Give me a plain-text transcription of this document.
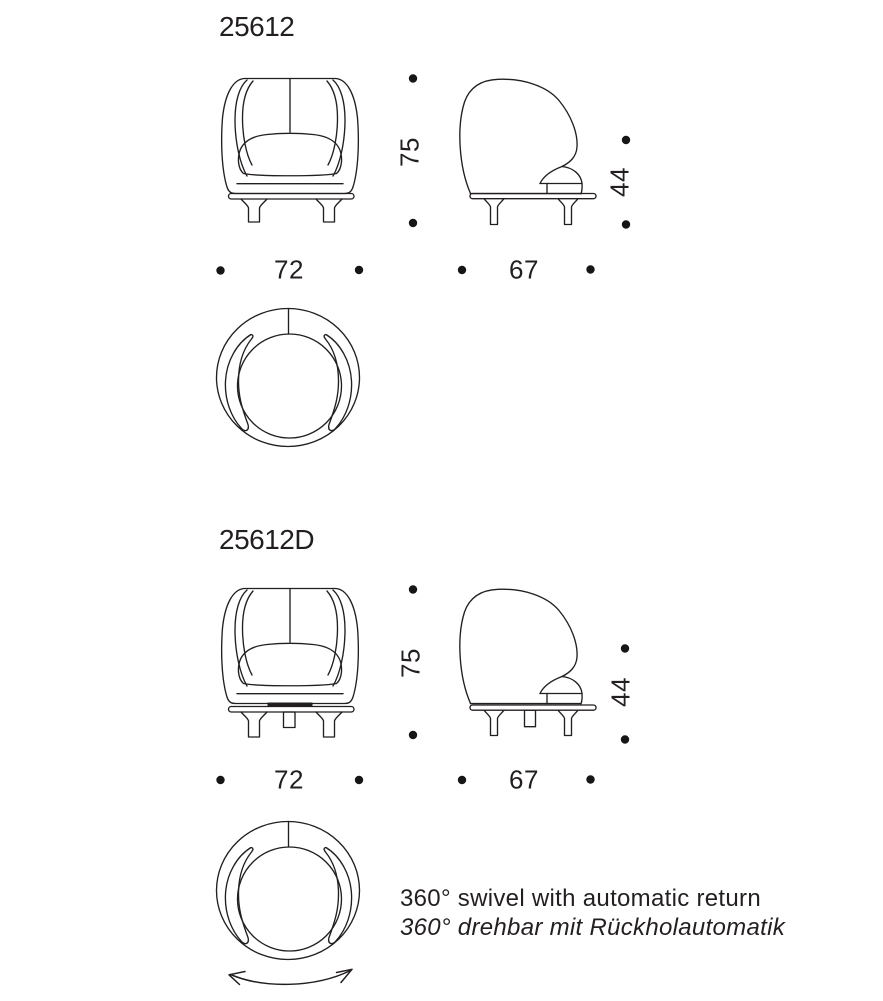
25612
72	67
75
44
25612D
72	67
75
44
360° swivel with automatic return
360° drehbar mit Rückholautomatik
